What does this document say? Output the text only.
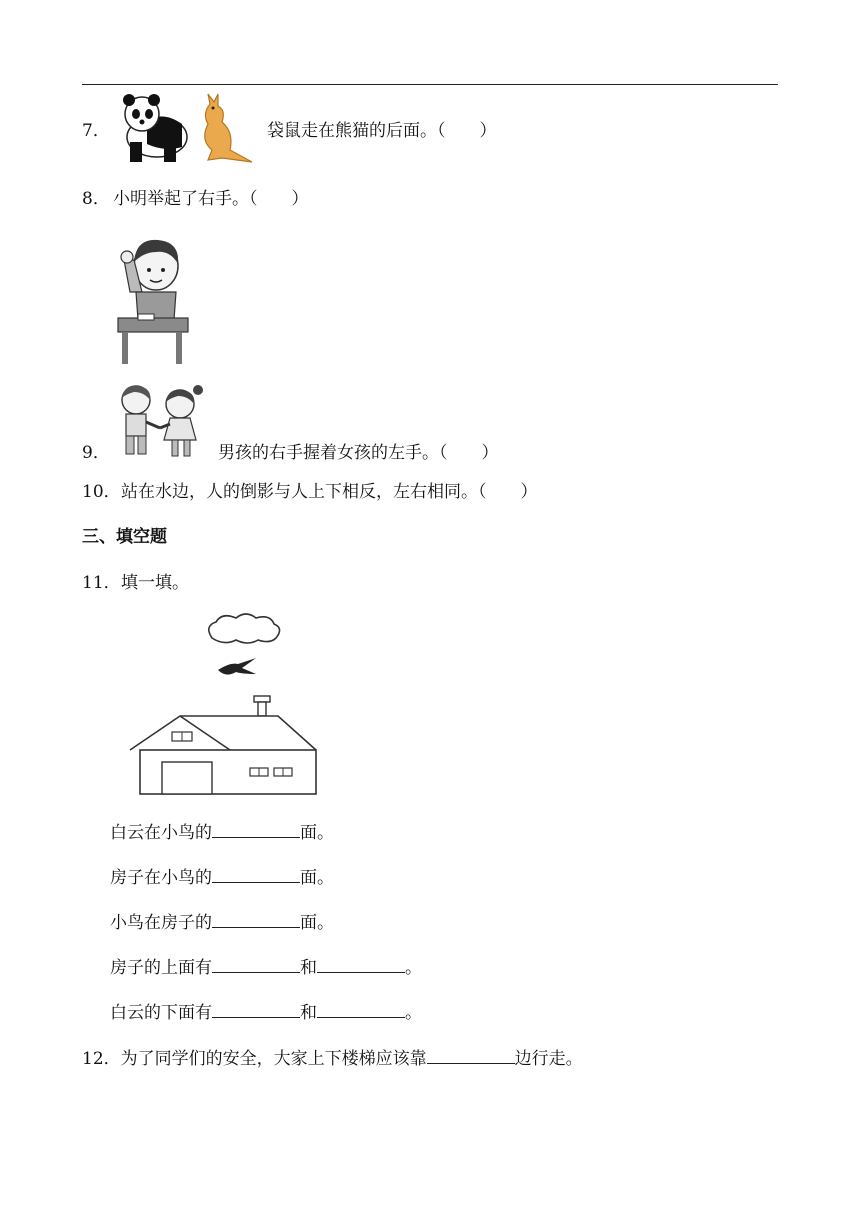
7．	袋鼠走在熊猫的后面。（　　）
8． 小明举起了右手。（　　）
9．	男孩的右手握着女孩的左手。（　　）
10． 站在水边，人的倒影与人上下相反，左右相同。（　　）
三、填空题
11． 填一填。
白云在小鸟的	面。
房子在小鸟的	面。
小鸟在房子的	面。
房子的上面有	和	。
白云的下面有	和	。
12．为了同学们的安全，大家上下楼梯应该靠	边行走。
